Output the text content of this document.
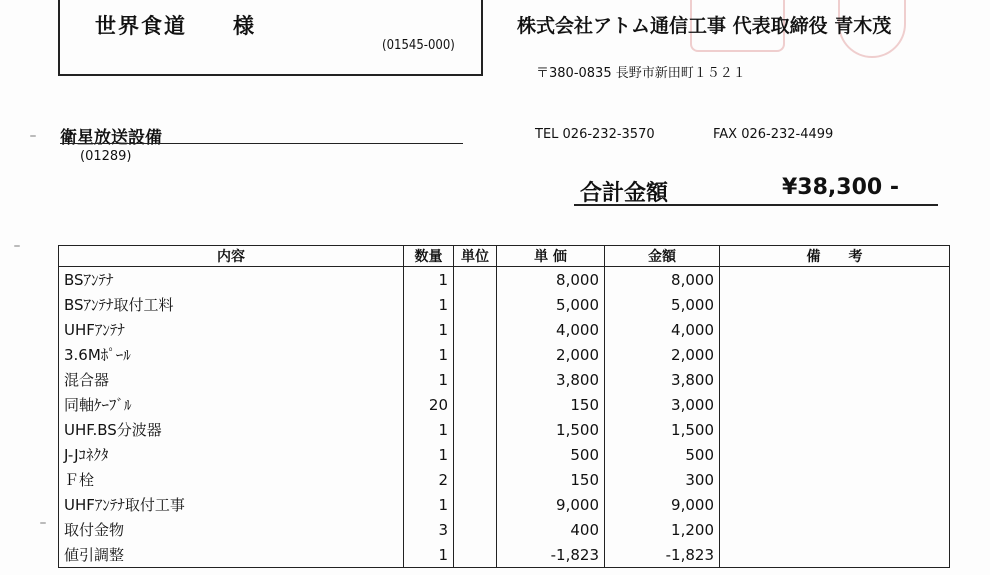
世界食道 様
(01545-000)
株式会社アトム通信工事 代表取締役 青木茂
〒380-0835 長野市新田町１５２１
衛星放送設備
(01289)
TEL 026-232-3570	FAX 026-232-4499
合計金額	¥38,300 -
内容	数量	単位	単 価	金額	備　　考
BSｱﾝﾃﾅ	1		8,000	8,000	
BSｱﾝﾃﾅ取付工料	1		5,000	5,000	
UHFｱﾝﾃﾅ	1		4,000	4,000	
3.6Mﾎﾟｰﾙ	1		2,000	2,000	
混合器	1		3,800	3,800	
同軸ｹｰﾌﾞﾙ	20		150	3,000	
UHF.BS分波器	1		1,500	1,500	
J-Jｺﾈｸﾀ	1		500	500	
Ｆ栓	2		150	300	
UHFｱﾝﾃﾅ取付工事	1		9,000	9,000	
取付金物	3		400	1,200	
値引調整	1		-1,823	-1,823	
